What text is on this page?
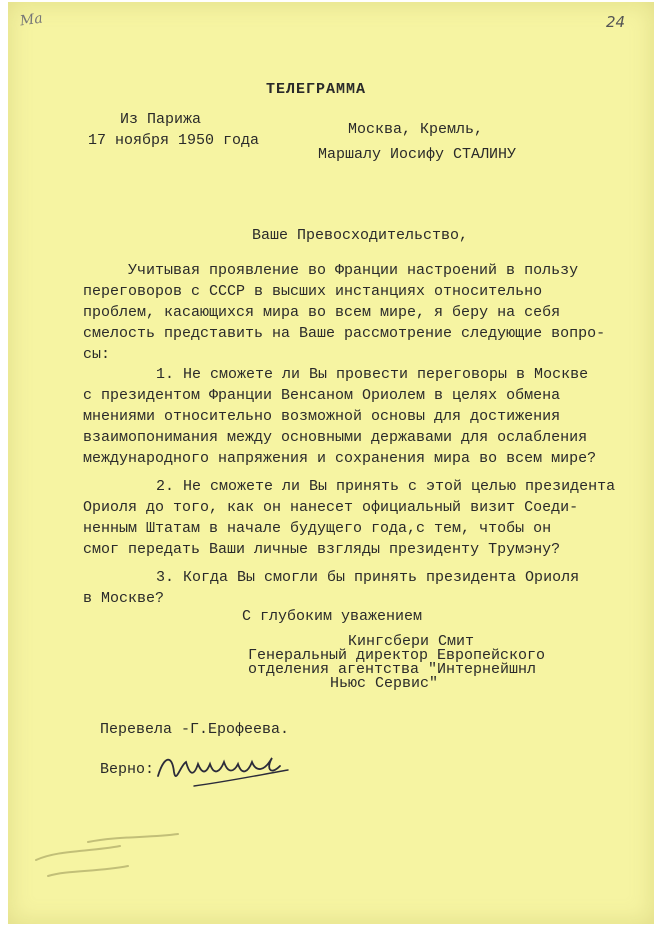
Ма	24
ТЕЛЕГРАММА
Из Парижа
17 ноября 1950 года
Москва, Кремль,
Маршалу Иосифу СТАЛИНУ
Ваше Превосходительство,
Учитывая проявление во Франции настроений в пользу
переговоров с СССР в высших инстанциях относительно
проблем, касающихся мира во всем мире, я беру на себя
смелость представить на Ваше рассмотрение следующие вопро-
сы:
1. Не сможете ли Вы провести переговоры в Москве
с президентом Франции Венсаном Ориолем в целях обмена
мнениями относительно возможной основы для достижения
взаимопонимания между основными державами для ослабления
международного напряжения и сохранения мира во всем мире?
2. Не сможете ли Вы принять с этой целью президента
Ориоля до того, как он нанесет официальный визит Соеди-
ненным Штатам в начале будущего года,с тем, чтобы он
смог передать Ваши личные взгляды президенту Трумэну?
3. Когда Вы смогли бы принять президента Ориоля
в Москве?
С глубоким уважением
Кингсбери Смит
Генеральный директор Европейского
отделения агентства "Интернейшнл
Ньюс Сервис"
Перевела -Г.Ерофеева.
Верно:
